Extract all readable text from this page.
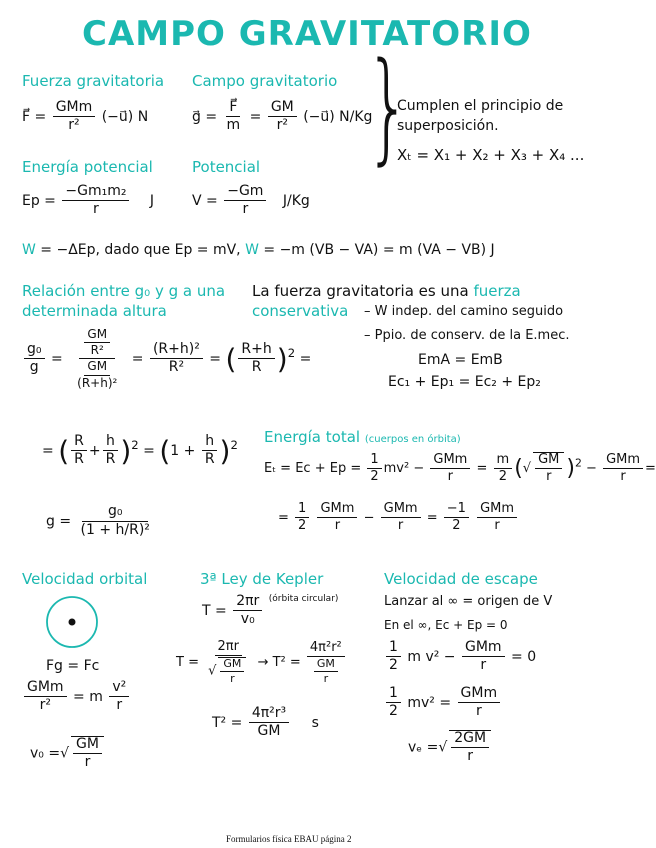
CAMPO GRAVITATORIO
Fuerza gravitatoria
F⃗ = $\frac{\text{GMm}}{\text{r²}}$ (−u⃗) N
Campo gravitatorio
g⃗ = $\frac{F⃗}{m} = \frac{GM}{\text{r²}}$ (−u⃗) N/Kg
}
Cumplen el principio de
superposición.
Xₜ = X₁ + X₂ + X₃ + X₄ ...
Energía potencial
$Ep = \frac{\text{−Gm₁m₂}}{r}$ J
Potencial
$V = \frac{-Gm}{r} J/Kg$
W = −ΔEp, dado que Ep = mV, W = −m (VB − VA) = m (VA − VB) J
Relación entre g₀ y g a una
determinada altura
$\frac{\text{g₀}}{g} = \frac{\frac{GM}{\text{R²}}}{\frac{GM}{\text{(R+h)²}}} = \frac{\text{(R+h)²}}{\text{R²}}$ = ( $\frac{R+h}{R} )^2$ =
= ( $\frac{R}{R} + \frac{h}{R} )^2 = (1 + \frac{h}{R} )^2$
$g = \frac{\text{g₀}}{\text{(1 + h/R)²}}$
La fuerza gravitatoria es una fuerza
conservativa – W indep. del camino seguido
– Ppio. de conserv. de la E.mec.
EmA = EmB
Ec₁ + Ep₁ = Ec₂ + Ep₂
Energía total (cuerpos en órbita)
$E_t = Ec + Ep = \frac{1}{2} mv^2 - \frac{\text{GMm}}{r} = \frac{m}{2}$ (√ $\frac{GM}{r} )^2 - \frac{\text{GMm}}{r}$ =
= $\frac{1}{2}$
$\frac{\text{GMm}}{r} - \frac{\text{GMm}}{r} = \frac{-1}{2}$
$\frac{\text{GMm}}{r}$
Velocidad orbital
Fg = Fc
$\frac{\text{GMm}}{\text{r²}} = m \frac{\text{v²}}{r}$
v₀ =√ $\frac{GM}{r}$
3ª Ley de Kepler
$T = \frac{2\pi r}{\text{v₀}} ^{(órbita circular)}$
$T = \frac{2\pi r}{√ \frac{GM}{r}} \to T^2 = \frac{\text{4π²r²}}{\frac{GM}{r}}$
$T^2 = \frac{\text{4π²r³}}{GM}$ s
Velocidad de escape
Lanzar al ∞ = origen de V
En el ∞, Ec + Ep = 0
$\frac{1}{2}$ m $v^2 - \frac{\text{GMm}}{r} = 0$
$\frac{1}{2} mv^2 = \frac{\text{GMm}}{r}$
vₑ =√ $\frac{2GM}{r}$
Formularios física EBAU página 2
